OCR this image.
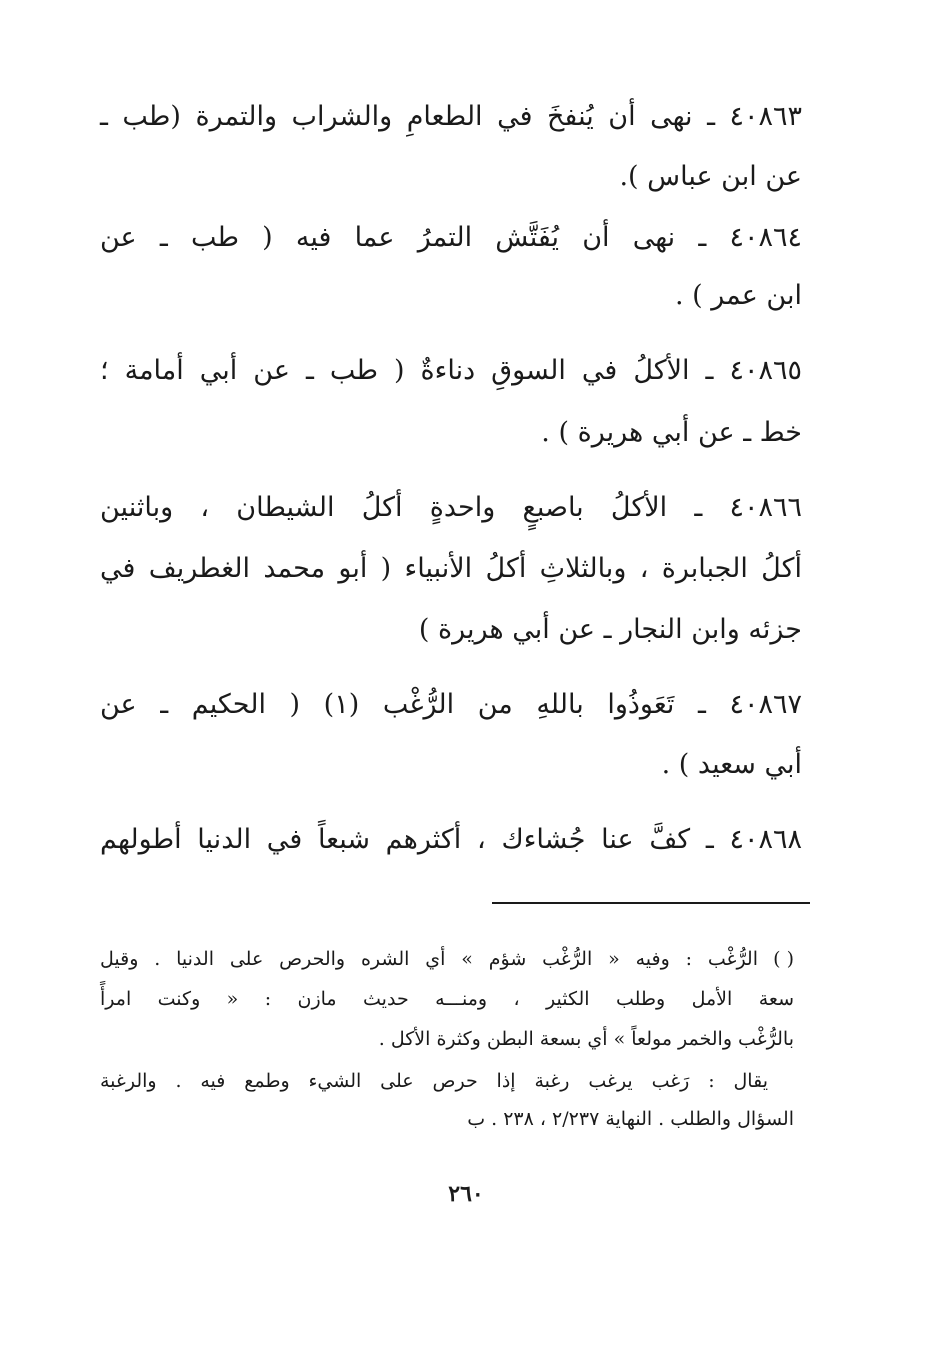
٤٠٨٦٣ ـ نهى أن يُنفخَ في الطعامِ والشراب والتمرة (طب ـ
عن ابن عباس ).
٤٠٨٦٤ ـ نهى أن يُفَتَّش التمرُ عما فيه ( طب ـ عن
ابن عمر ) .
٤٠٨٦٥ ـ الأكلُ في السوقِ دناءةٌ ( طب ـ عن أبي أمامة ؛
خط ـ عن أبي هريرة ) .
٤٠٨٦٦ ـ الأكلُ باصبعٍ واحدةٍ أكلُ الشيطان ، وباثنين
أكلُ الجبابرة ، وبالثلاثِ أكلُ الأنبياء ( أبو محمد الغطريف في
جزئه وابن النجار ـ عن أبي هريرة )
٤٠٨٦٧ ـ تَعَوذُوا باللهِ من الرُّغْب (١) ( الحكيم ـ عن
أبي سعيد ) .
٤٠٨٦٨ ـ كفَّ عنا جُشاءك ، أكثرهم شبعاً في الدنيا أطولهم
( )
الرُّغْب : وفيه « الرُّغْب شؤم » أي الشره والحرص على الدنيا . وقيل
سعة الأمل وطلب الكثير ، ومنـــه حديث مازن : « وكنت امرأً
بالرُّغْب والخمر مولعاً » أي بسعة البطن وكثرة الأكل .
يقال : رَغب يرغب رغبة إذا حرص على الشيء وطمع فيه . والرغبة
السؤال والطلب . النهاية ٢/٢٣٧ ، ٢٣٨ . ب
٢٦٠
